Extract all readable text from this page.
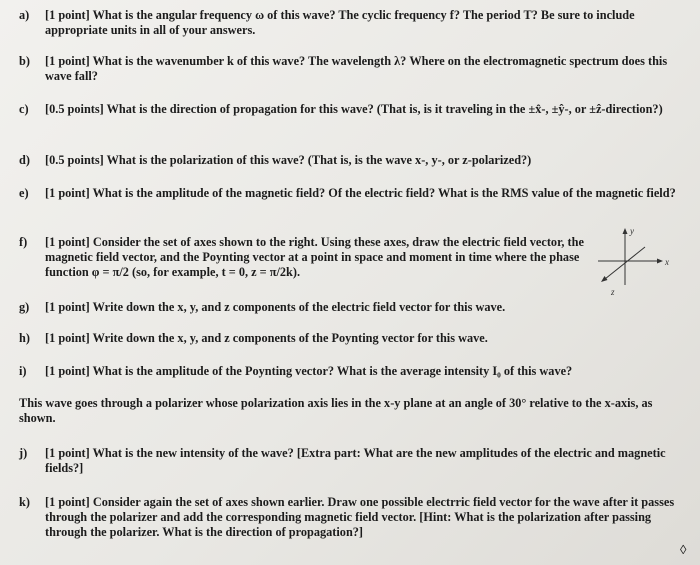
a) [1 point] What is the angular frequency ω of this wave? The cyclic frequency f? The period T? Be sure to include appropriate units in all of your answers.
b) [1 point] What is the wavenumber k of this wave? The wavelength λ? Where on the electromagnetic spectrum does this wave fall?
c) [0.5 points] What is the direction of propagation for this wave? (That is, is it traveling in the ±x̂-, ±ŷ-, or ±ẑ-direction?)
d) [0.5 points] What is the polarization of this wave? (That is, is the wave x-, y-, or z-polarized?)
e) [1 point] What is the amplitude of the magnetic field? Of the electric field? What is the RMS value of the magnetic field?
f) [1 point] Consider the set of axes shown to the right. Using these axes, draw the electric field vector, the magnetic field vector, and the Poynting vector at a point in space and moment in time where the phase function φ = π/2 (so, for example, t = 0, z = π/2k).
y
x
z
g) [1 point] Write down the x, y, and z components of the electric field vector for this wave.
h) [1 point] Write down the x, y, and z components of the Poynting vector for this wave.
i) [1 point] What is the amplitude of the Poynting vector? What is the average intensity I₀ of this wave?
This wave goes through a polarizer whose polarization axis lies in the x-y plane at an angle of 30° relative to the x-axis, as shown.
j) [1 point] What is the new intensity of the wave? [Extra part: What are the new amplitudes of the electric and magnetic fields?]
k) [1 point] Consider again the set of axes shown earlier. Draw one possible electrric field vector for the wave after it passes through the polarizer and add the corresponding magnetic field vector. [Hint: What is the polarization after passing through the polarizer. What is the direction of propagation?]
◊
